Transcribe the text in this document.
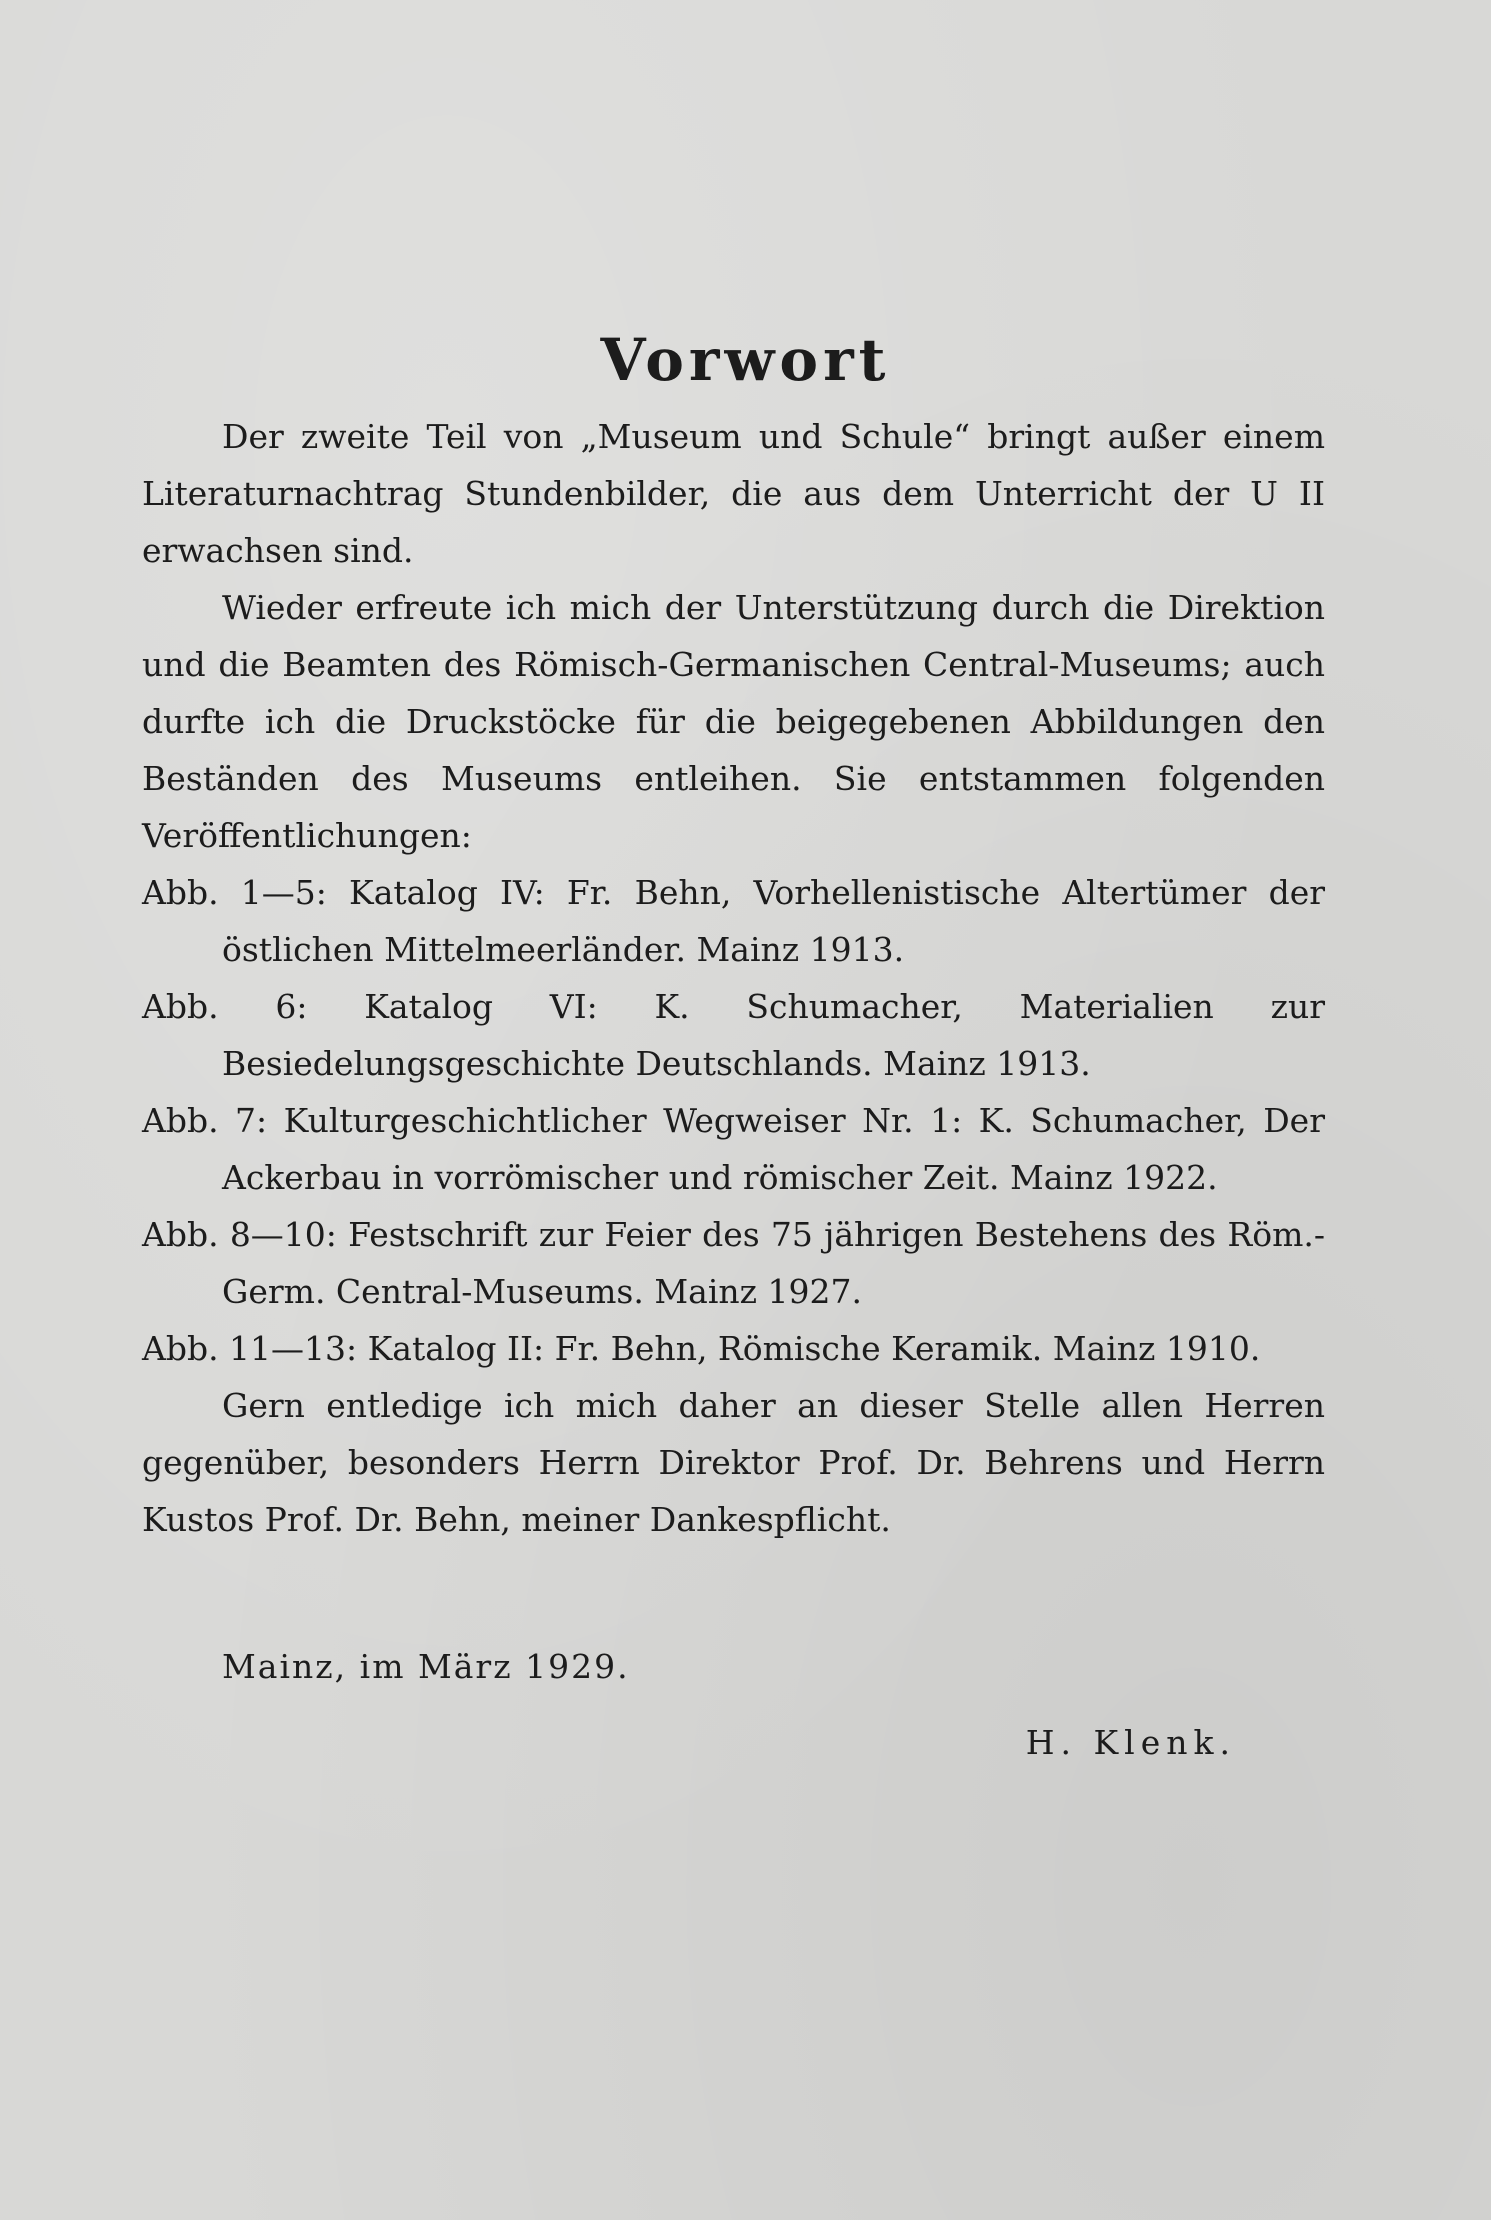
Vorwort

Der zweite Teil von „Museum und Schule“ bringt außer einem Literaturnachtrag Stundenbilder, die aus dem Unterricht der U II erwachsen sind.

Wieder erfreute ich mich der Unterstützung durch die Direktion und die Beamten des Römisch-Germanischen Central-Museums; auch durfte ich die Druckstöcke für die beigegebenen Abbildungen den Beständen des Museums entleihen. Sie entstammen folgenden Veröffentlichungen:

Abb. 1—5: Katalog IV: Fr. Behn, Vorhellenistische Altertümer der östlichen Mittelmeerländer. Mainz 1913.
Abb. 6: Katalog VI: K. Schumacher, Materialien zur Besiedelungsgeschichte Deutschlands. Mainz 1913.
Abb. 7: Kulturgeschichtlicher Wegweiser Nr. 1: K. Schumacher, Der Ackerbau in vorrömischer und römischer Zeit. Mainz 1922.
Abb. 8—10: Festschrift zur Feier des 75 jährigen Bestehens des Röm.-Germ. Central-Museums. Mainz 1927.
Abb. 11—13: Katalog II: Fr. Behn, Römische Keramik. Mainz 1910.

Gern entledige ich mich daher an dieser Stelle allen Herren gegenüber, besonders Herrn Direktor Prof. Dr. Behrens und Herrn Kustos Prof. Dr. Behn, meiner Dankespflicht.

Mainz, im März 1929.
H. Klenk.
